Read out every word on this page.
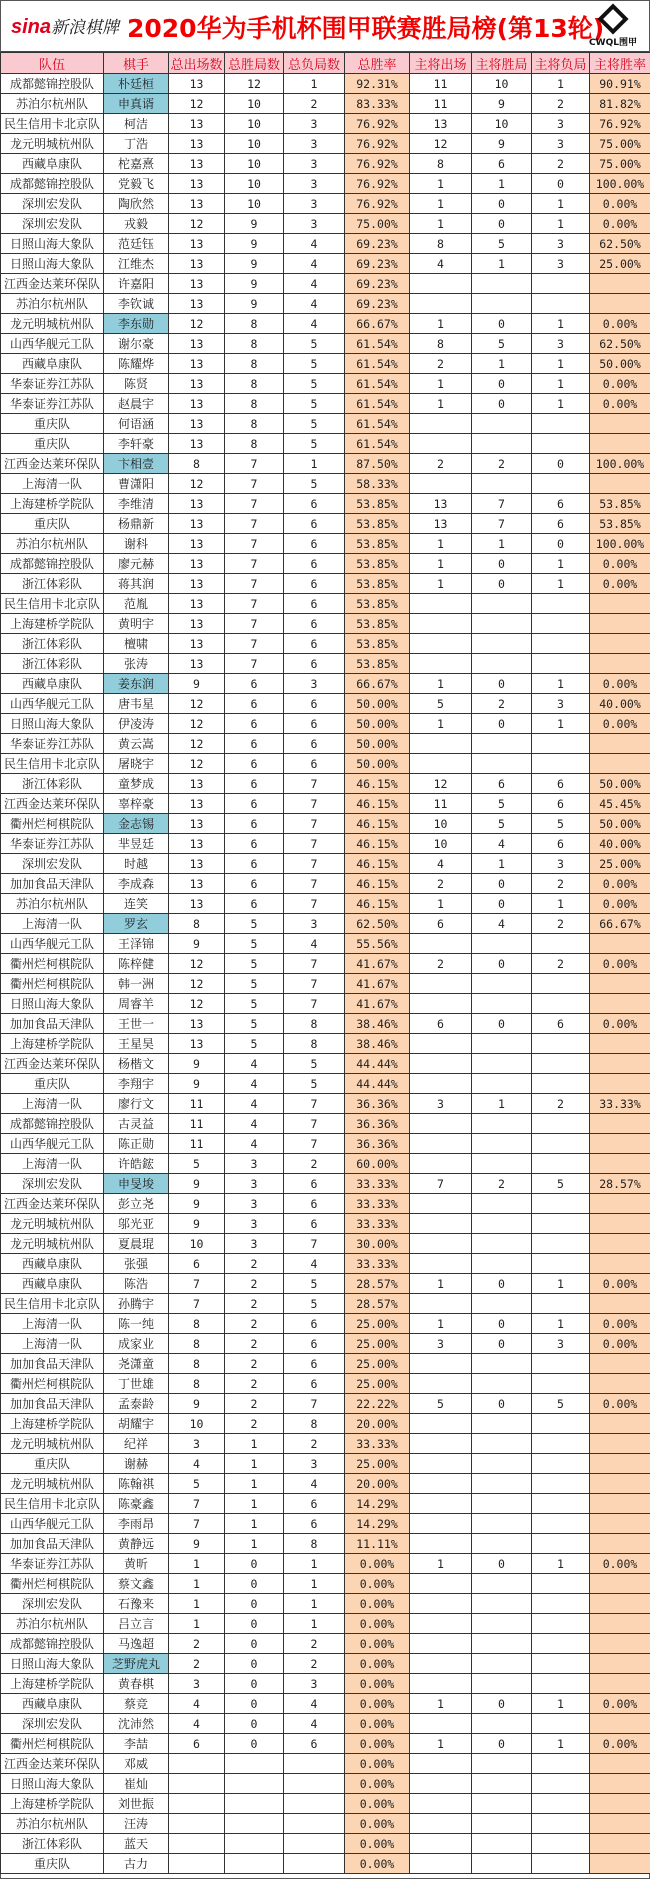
sina新浪棋牌 2020华为手机杯围甲联赛胜局榜(第13轮)
CWQL围甲
队伍	棋手	总出场数	总胜局数	总负局数	总胜率	主将出场	主将胜局	主将负局	主将胜率
成都懿锦控股队	朴廷桓	13	12	1	92.31%	11	10	1	90.91%
苏泊尔杭州队	申真谞	12	10	2	83.33%	11	9	2	81.82%
民生信用卡北京队	柯洁	13	10	3	76.92%	13	10	3	76.92%
龙元明城杭州队	丁浩	13	10	3	76.92%	12	9	3	75.00%
西藏阜康队	柁嘉熹	13	10	3	76.92%	8	6	2	75.00%
成都懿锦控股队	党毅飞	13	10	3	76.92%	1	1	0	100.00%
深圳宏发队	陶欣然	13	10	3	76.92%	1	0	1	0.00%
深圳宏发队	戎毅	12	9	3	75.00%	1	0	1	0.00%
日照山海大象队	范廷钰	13	9	4	69.23%	8	5	3	62.50%
日照山海大象队	江维杰	13	9	4	69.23%	4	1	3	25.00%
江西金达莱环保队	许嘉阳	13	9	4	69.23%				
苏泊尔杭州队	李钦诚	13	9	4	69.23%				
龙元明城杭州队	李东勋	12	8	4	66.67%	1	0	1	0.00%
山西华舰元工队	谢尔豪	13	8	5	61.54%	8	5	3	62.50%
西藏阜康队	陈耀烨	13	8	5	61.54%	2	1	1	50.00%
华泰证券江苏队	陈贤	13	8	5	61.54%	1	0	1	0.00%
华泰证券江苏队	赵晨宇	13	8	5	61.54%	1	0	1	0.00%
重庆队	何语涵	13	8	5	61.54%				
重庆队	李轩豪	13	8	5	61.54%				
江西金达莱环保队	卞相壹	8	7	1	87.50%	2	2	0	100.00%
上海清一队	曹潇阳	12	7	5	58.33%				
上海建桥学院队	李维清	13	7	6	53.85%	13	7	6	53.85%
重庆队	杨鼎新	13	7	6	53.85%	13	7	6	53.85%
苏泊尔杭州队	谢科	13	7	6	53.85%	1	1	0	100.00%
成都懿锦控股队	廖元赫	13	7	6	53.85%	1	0	1	0.00%
浙江体彩队	蒋其润	13	7	6	53.85%	1	0	1	0.00%
民生信用卡北京队	范胤	13	7	6	53.85%				
上海建桥学院队	黄明宇	13	7	6	53.85%				
浙江体彩队	檀啸	13	7	6	53.85%				
浙江体彩队	张涛	13	7	6	53.85%				
西藏阜康队	姜东润	9	6	3	66.67%	1	0	1	0.00%
山西华舰元工队	唐韦星	12	6	6	50.00%	5	2	3	40.00%
日照山海大象队	伊凌涛	12	6	6	50.00%	1	0	1	0.00%
华泰证券江苏队	黄云嵩	12	6	6	50.00%				
民生信用卡北京队	屠晓宇	12	6	6	50.00%				
浙江体彩队	童梦成	13	6	7	46.15%	12	6	6	50.00%
江西金达莱环保队	辜梓豪	13	6	7	46.15%	11	5	6	45.45%
衢州烂柯棋院队	金志锡	13	6	7	46.15%	10	5	5	50.00%
华泰证券江苏队	芈昱廷	13	6	7	46.15%	10	4	6	40.00%
深圳宏发队	时越	13	6	7	46.15%	4	1	3	25.00%
加加食品天津队	李成森	13	6	7	46.15%	2	0	2	0.00%
苏泊尔杭州队	连笑	13	6	7	46.15%	1	0	1	0.00%
上海清一队	罗玄	8	5	3	62.50%	6	4	2	66.67%
山西华舰元工队	王泽锦	9	5	4	55.56%				
衢州烂柯棋院队	陈梓健	12	5	7	41.67%	2	0	2	0.00%
衢州烂柯棋院队	韩一洲	12	5	7	41.67%				
日照山海大象队	周睿羊	12	5	7	41.67%				
加加食品天津队	王世一	13	5	8	38.46%	6	0	6	0.00%
上海建桥学院队	王星昊	13	5	8	38.46%				
江西金达莱环保队	杨楷文	9	4	5	44.44%				
重庆队	李翔宇	9	4	5	44.44%				
上海清一队	廖行文	11	4	7	36.36%	3	1	2	33.33%
成都懿锦控股队	古灵益	11	4	7	36.36%				
山西华舰元工队	陈正勋	11	4	7	36.36%				
上海清一队	许皓鋐	5	3	2	60.00%				
深圳宏发队	申旻埈	9	3	6	33.33%	7	2	5	28.57%
江西金达莱环保队	彭立尧	9	3	6	33.33%				
龙元明城杭州队	邬光亚	9	3	6	33.33%				
龙元明城杭州队	夏晨琨	10	3	7	30.00%				
西藏阜康队	张强	6	2	4	33.33%				
西藏阜康队	陈浩	7	2	5	28.57%	1	0	1	0.00%
民生信用卡北京队	孙腾宇	7	2	5	28.57%				
上海清一队	陈一纯	8	2	6	25.00%	1	0	1	0.00%
上海清一队	成家业	8	2	6	25.00%	3	0	3	0.00%
加加食品天津队	尧潇童	8	2	6	25.00%				
衢州烂柯棋院队	丁世雄	8	2	6	25.00%				
加加食品天津队	孟泰龄	9	2	7	22.22%	5	0	5	0.00%
上海建桥学院队	胡耀宇	10	2	8	20.00%				
龙元明城杭州队	纪祥	3	1	2	33.33%				
重庆队	谢赫	4	1	3	25.00%				
龙元明城杭州队	陈翰祺	5	1	4	20.00%				
民生信用卡北京队	陈豪鑫	7	1	6	14.29%				
山西华舰元工队	李雨昂	7	1	6	14.29%				
加加食品天津队	黄静远	9	1	8	11.11%				
华泰证券江苏队	黄昕	1	0	1	0.00%	1	0	1	0.00%
衢州烂柯棋院队	蔡文鑫	1	0	1	0.00%				
深圳宏发队	石豫来	1	0	1	0.00%				
苏泊尔杭州队	吕立言	1	0	1	0.00%				
成都懿锦控股队	马逸超	2	0	2	0.00%				
日照山海大象队	芝野虎丸	2	0	2	0.00%				
上海建桥学院队	黄春棋	3	0	3	0.00%				
西藏阜康队	蔡竞	4	0	4	0.00%	1	0	1	0.00%
深圳宏发队	沈沛然	4	0	4	0.00%				
衢州烂柯棋院队	李喆	6	0	6	0.00%	1	0	1	0.00%
江西金达莱环保队	邓威				0.00%				
日照山海大象队	崔灿				0.00%				
上海建桥学院队	刘世振				0.00%				
苏泊尔杭州队	汪涛				0.00%				
浙江体彩队	蓝天				0.00%				
重庆队	古力				0.00%				
